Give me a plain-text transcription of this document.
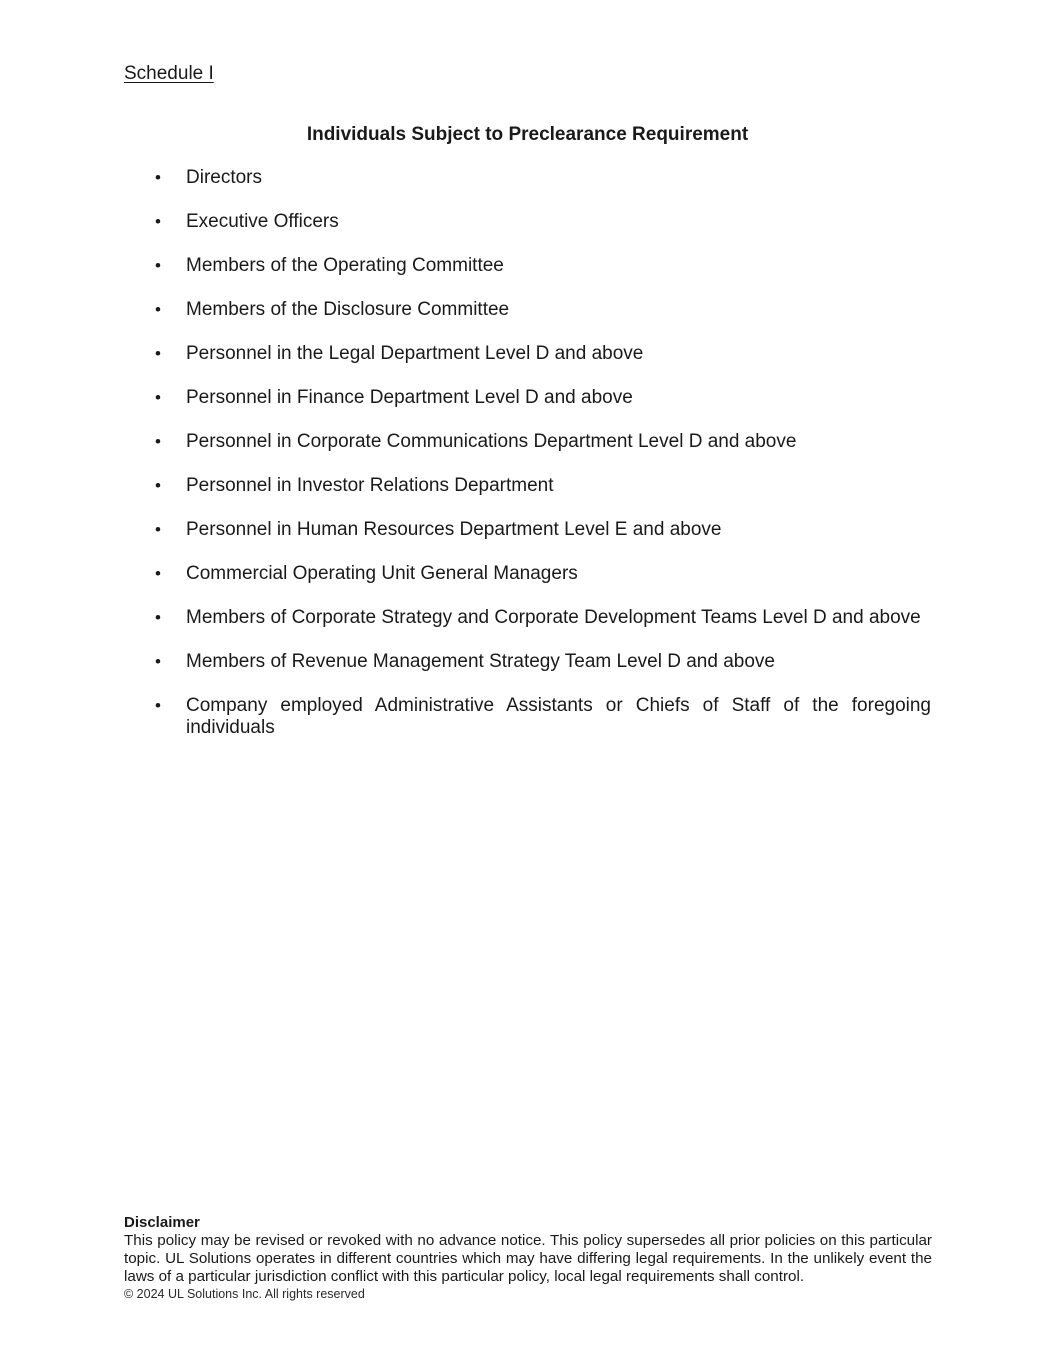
Schedule I
Individuals Subject to Preclearance Requirement
• Directors
• Executive Officers
• Members of the Operating Committee
• Members of the Disclosure Committee
• Personnel in the Legal Department Level D and above
• Personnel in Finance Department Level D and above
• Personnel in Corporate Communications Department Level D and above
• Personnel in Investor Relations Department
• Personnel in Human Resources Department Level E and above
• Commercial Operating Unit General Managers
• Members of Corporate Strategy and Corporate Development Teams Level D and above
• Members of Revenue Management Strategy Team Level D and above
• Company employed Administrative Assistants or Chiefs of Staff of the foregoing individuals
Disclaimer
This policy may be revised or revoked with no advance notice. This policy supersedes all prior policies on this particular topic. UL Solutions operates in different countries which may have differing legal requirements. In the unlikely event the laws of a particular jurisdiction conflict with this particular policy, local legal requirements shall control.
© 2024 UL Solutions Inc. All rights reserved
